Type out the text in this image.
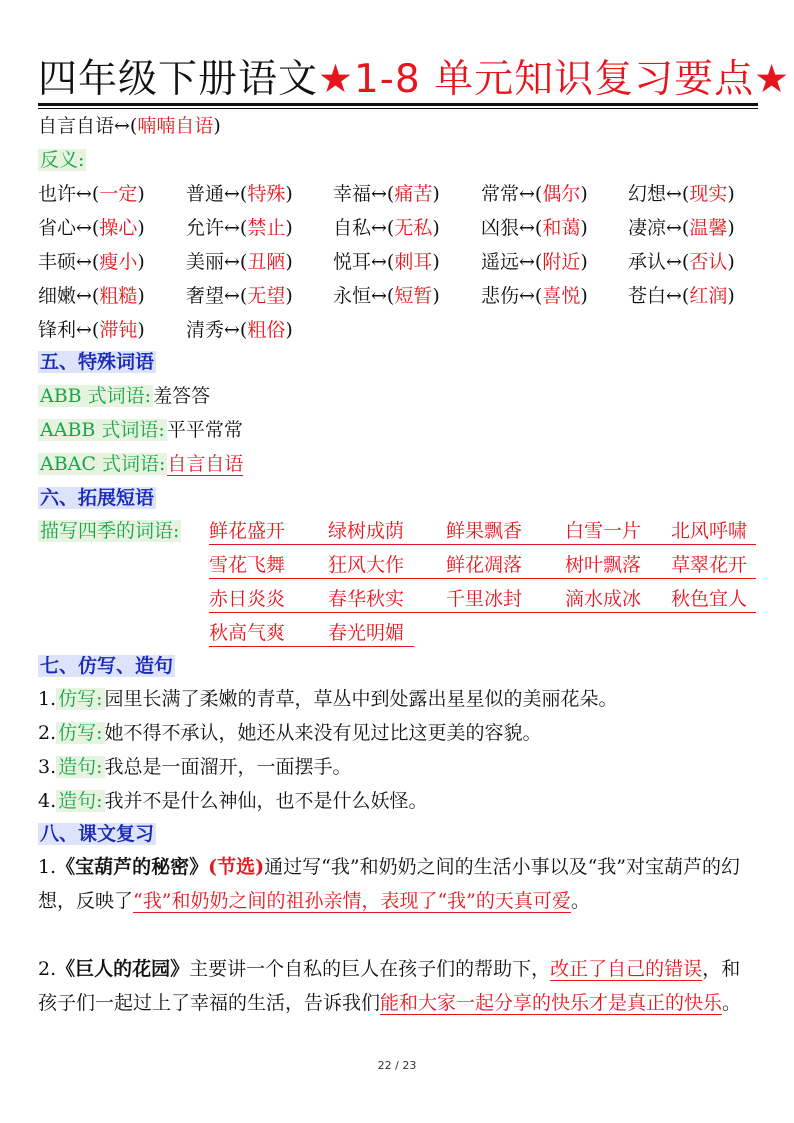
四年级下册语文★1-8 单元知识复习要点★
自言自语↔(喃喃自语)
反义:
也许↔(一定) 普通↔(特殊) 幸福↔(痛苦) 常常↔(偶尔) 幻想↔(现实)
省心↔(操心) 允许↔(禁止) 自私↔(无私) 凶狠↔(和蔼) 凄凉↔(温馨)
丰硕↔(瘦小) 美丽↔(丑陋) 悦耳↔(刺耳) 遥远↔(附近) 承认↔(否认)
细嫩↔(粗糙) 奢望↔(无望) 永恒↔(短暂) 悲伤↔(喜悦) 苍白↔(红润)
锋利↔(滞钝) 清秀↔(粗俗)
五、特殊词语
ABB 式词语: 羞答答
AABB 式词语: 平平常常
ABAC 式词语: 自言自语
六、拓展短语
描写四季的词语: 鲜花盛开 绿树成荫 鲜果飘香 白雪一片 北风呼啸
雪花飞舞 狂风大作 鲜花凋落 树叶飘落 草翠花开
赤日炎炎 春华秋实 千里冰封 滴水成冰 秋色宜人
秋高气爽 春光明媚
七、仿写、造句
1. 仿写: 园里长满了柔嫩的青草，草丛中到处露出星星似的美丽花朵。
2. 仿写: 她不得不承认，她还从来没有见过比这更美的容貌。
3. 造句: 我总是一面溜开，一面摆手。
4. 造句: 我并不是什么神仙，也不是什么妖怪。
八、课文复习
1.《宝葫芦的秘密》(节选)通过写“我”和奶奶之间的生活小事以及“我”对宝葫芦的幻想，反映了“我”和奶奶之间的祖孙亲情，表现了“我”的天真可爱。
2.《巨人的花园》主要讲一个自私的巨人在孩子们的帮助下，改正了自己的错误，和孩子们一起过上了幸福的生活，告诉我们能和大家一起分享的快乐才是真正的快乐。
22 / 23
